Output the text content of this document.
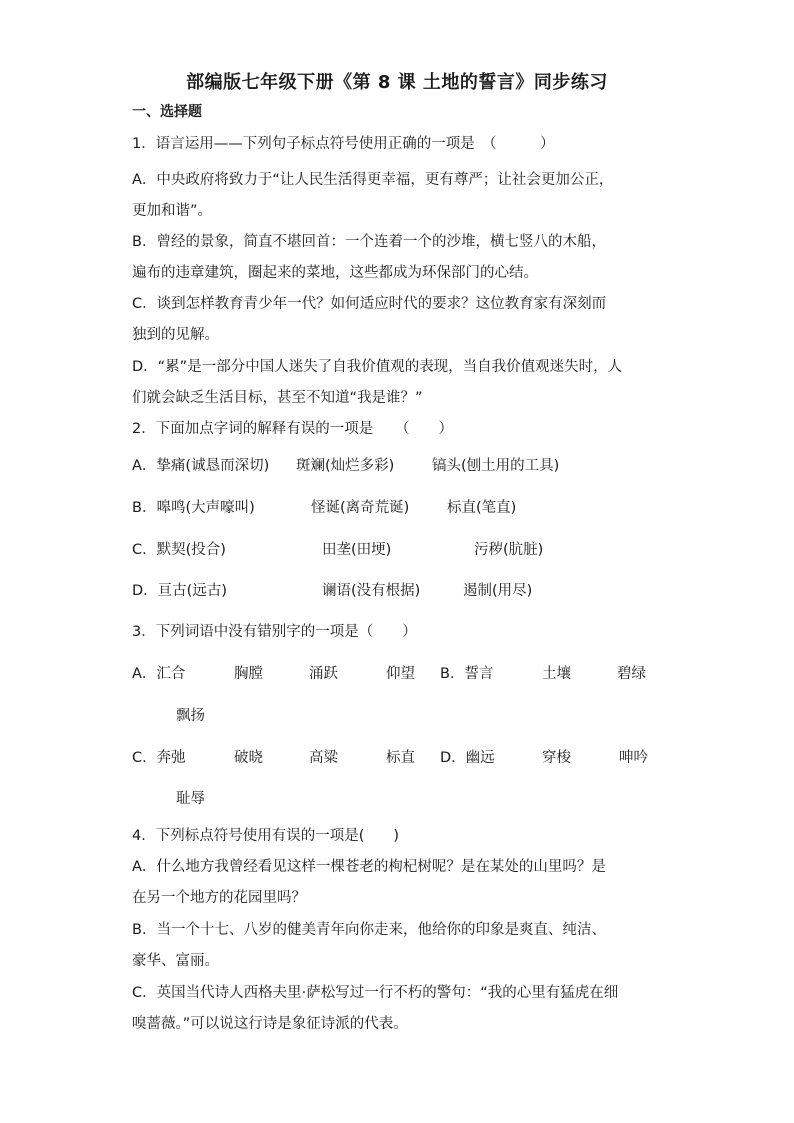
部编版七年级下册《第 8 课 土地的誓言》同步练习
一、选择题
1．语言运用——下列句子标点符号使用正确的一项是　（　　　）
A．中央政府将致力于“让人民生活得更幸福，更有尊严；让社会更加公正，
更加和谐”。
B．曾经的景象，简直不堪回首：一个连着一个的沙堆，横七竖八的木船，
遍布的违章建筑，圈起来的菜地，这些都成为环保部门的心结。
C．谈到怎样教育青少年一代？如何适应时代的要求？这位教育家有深刻而
独到的见解。
D．“累”是一部分中国人迷失了自我价值观的表现，当自我价值观迷失时，人
们就会缺乏生活目标，甚至不知道“我是谁？”
2．下面加点字词的解释有误的一项是　　（　　）
A．挚痛(诚恳而深切) 斑斓(灿烂多彩)	镐头(刨土用的工具)
B．嗥鸣(大声嚎叫)	怪诞(离奇荒诞)	标直(笔直)
C．默契(投合)	田垄(田埂)	污秽(肮脏)
D．亘古(远古)	谰语(没有根据)	遏制(用尽)
3．下列词语中没有错别字的一项是（　　）
A．汇合	胸膛	涌跃	仰望 B．誓言	土壤	碧绿
飘扬
C．奔弛	破晓	高粱	标直 D．幽远	穿梭	呻吟
耻辱
4．下列标点符号使用有误的一项是(　　)
A．什么地方我曾经看见这样一棵苍老的枸杞树呢？是在某处的山里吗？是
在另一个地方的花园里吗？
B．当一个十七、八岁的健美青年向你走来，他给你的印象是爽直、纯洁、
豪华、富丽。
C．英国当代诗人西格夫里·萨松写过一行不朽的警句：“我的心里有猛虎在细
嗅蔷薇。”可以说这行诗是象征诗派的代表。
